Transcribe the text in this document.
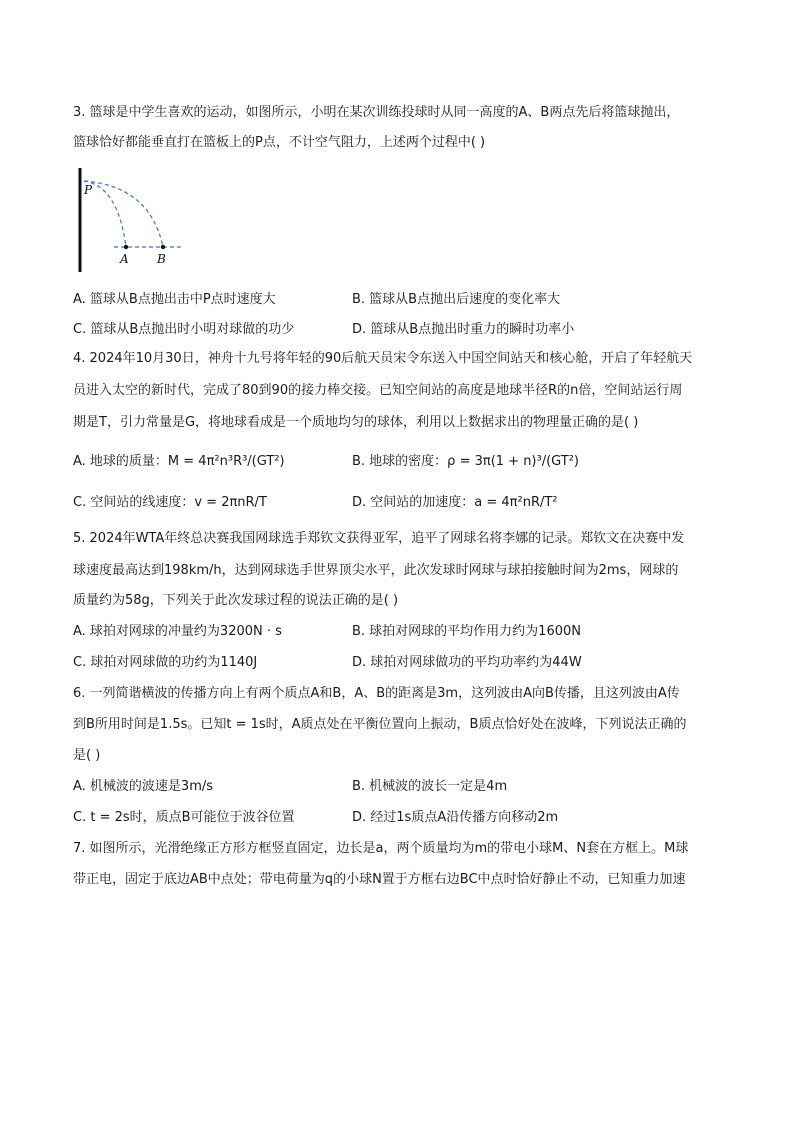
3. 篮球是中学生喜欢的运动，如图所示，小明在某次训练投球时从同一高度的A、B两点先后将篮球抛出，
篮球恰好都能垂直打在篮板上的P点，不计空气阻力，上述两个过程中( )
P
A B
A. 篮球从B点抛出击中P点时速度大	B. 篮球从B点抛出后速度的变化率大
C. 篮球从B点抛出时小明对球做的功少	D. 篮球从B点抛出时重力的瞬时功率小
4. 2024年10月30日，神舟十九号将年轻的90后航天员宋令东送入中国空间站天和核心舱，开启了年轻航天
员进入太空的新时代，完成了80到90的接力棒交接。已知空间站的高度是地球半径R的n倍，空间站运行周
期是T，引力常量是G，将地球看成是一个质地均匀的球体，利用以上数据求出的物理量正确的是( )
A. 地球的质量：M = 4π²n³R³/(GT²)	B. 地球的密度：ρ = 3π(1 + n)³/(GT²)
C. 空间站的线速度：v = 2πnR/T	D. 空间站的加速度：a = 4π²nR/T²
5. 2024年WTA年终总决赛我国网球选手郑钦文获得亚军，追平了网球名将李娜的记录。郑钦文在决赛中发
球速度最高达到198km/h，达到网球选手世界顶尖水平，此次发球时网球与球拍接触时间为2ms，网球的
质量约为58g，下列关于此次发球过程的说法正确的是( )
A. 球拍对网球的冲量约为3200N · s	B. 球拍对网球的平均作用力约为1600N
C. 球拍对网球做的功约为1140J	D. 球拍对网球做功的平均功率约为44W
6. 一列简谐横波的传播方向上有两个质点A和B，A、B的距离是3m，这列波由A向B传播，且这列波由A传
到B所用时间是1.5s。已知t = 1s时，A质点处在平衡位置向上振动，B质点恰好处在波峰，下列说法正确的
是( )
A. 机械波的波速是3m/s	B. 机械波的波长一定是4m
C. t = 2s时，质点B可能位于波谷位置	D. 经过1s质点A沿传播方向移动2m
7. 如图所示，光滑绝缘正方形方框竖直固定，边长是a，两个质量均为m的带电小球M、N套在方框上。M球
带正电，固定于底边AB中点处；带电荷量为q的小球N置于方框右边BC中点时恰好静止不动，已知重力加速
